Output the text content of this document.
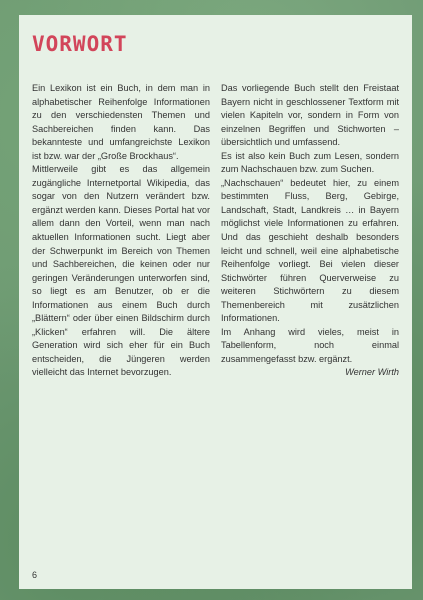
VORWORT

Ein Lexikon ist ein Buch, in dem man in alphabetischer Reihenfolge Informationen zu den verschiedensten Themen und Sachbereichen finden kann. Das bekannteste und umfangreichste Lexikon ist bzw. war der „Große Brockhaus“.

Mittlerweile gibt es das allgemein zugängliche Internetportal Wikipedia, das sogar von den Nutzern verändert bzw. ergänzt werden kann. Dieses Portal hat vor allem dann den Vorteil, wenn man nach aktuellen Informationen sucht. Liegt aber der Schwerpunkt im Bereich von Themen und Sachbereichen, die keinen oder nur geringen Veränderungen unterworfen sind, so liegt es am Benutzer, ob er die Informationen aus einem Buch durch „Blättern“ oder über einen Bildschirm durch „Klicken“ erfahren will. Die ältere Generation wird sich eher für ein Buch entscheiden, die Jüngeren werden vielleicht das Internet bevorzugen.

Das vorliegende Buch stellt den Freistaat Bayern nicht in geschlossener Textform mit vielen Kapiteln vor, sondern in Form von einzelnen Begriffen und Stichworten – übersichtlich und umfassend.

Es ist also kein Buch zum Lesen, sondern zum Nachschauen bzw. zum Suchen.

„Nachschauen“ bedeutet hier, zu einem bestimmten Fluss, Berg, Gebirge, Landschaft, Stadt, Landkreis … in Bayern möglichst viele Informationen zu erfahren. Und das geschieht deshalb besonders leicht und schnell, weil eine alphabetische Reihenfolge vorliegt. Bei vielen dieser Stichwörter führen Querverweise zu weiteren Stichwörtern zu diesem Themenbereich mit zusätzlichen Informationen.

Im Anhang wird vieles, meist in Tabellenform, noch einmal zusammengefasst bzw. ergänzt.

Werner Wirth

6
